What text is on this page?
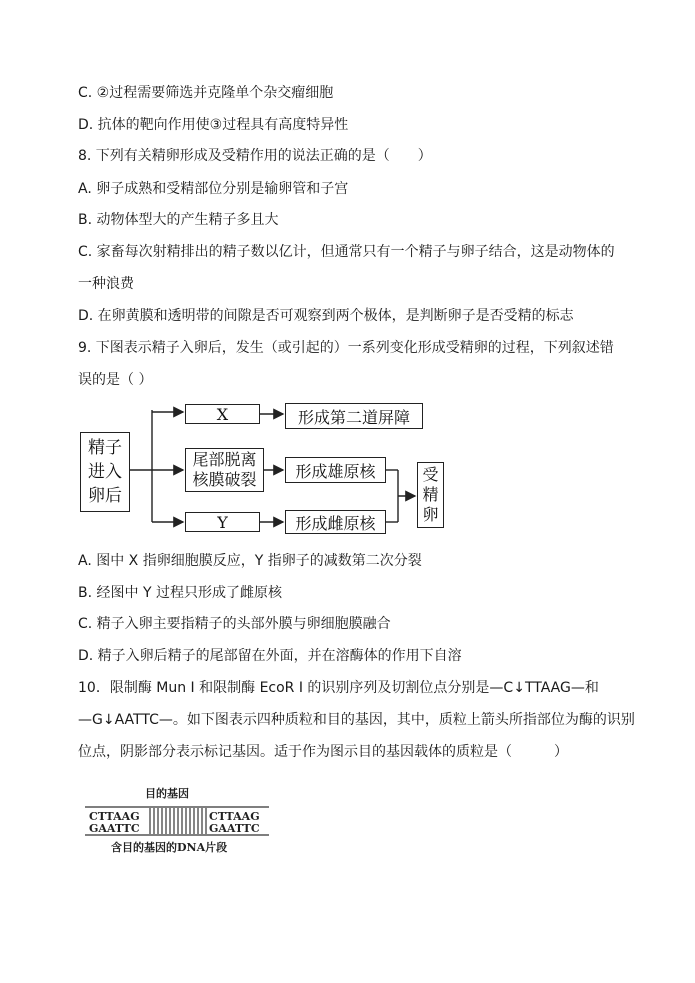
C. ②过程需要筛选并克隆单个杂交瘤细胞
D. 抗体的靶向作用使③过程具有高度特异性
8. 下列有关精卵形成及受精作用的说法正确的是（　　）
A. 卵子成熟和受精部位分别是输卵管和子宫
B. 动物体型大的产生精子多且大
C. 家畜每次射精排出的精子数以亿计，但通常只有一个精子与卵子结合，这是动物体的
一种浪费
D. 在卵黄膜和透明带的间隙是否可观察到两个极体，是判断卵子是否受精的标志
9. 下图表示精子入卵后，发生（或引起的）一系列变化形成受精卵的过程，下列叙述错
误的是（ ）
精子
进入
卵后
X
尾部脱离
核膜破裂
Y
形成第二道屏障
形成雄原核
形成雌原核
受
精
卵
A. 图中 X 指卵细胞膜反应，Y 指卵子的减数第二次分裂
B. 经图中 Y 过程只形成了雌原核
C. 精子入卵主要指精子的头部外膜与卵细胞膜融合
D. 精子入卵后精子的尾部留在外面，并在溶酶体的作用下自溶
10．限制酶 Mun I 和限制酶 EcoR I 的识别序列及切割位点分别是—C↓TTAAG—和
—G↓AATTC—。如下图表示四种质粒和目的基因，其中，质粒上箭头所指部位为酶的识别
位点，阴影部分表示标记基因。适于作为图示目的基因载体的质粒是（　　　）
目的基因
CTTAAG
GAATTC
CTTAAG
GAATTC
含目的基因的DNA片段
